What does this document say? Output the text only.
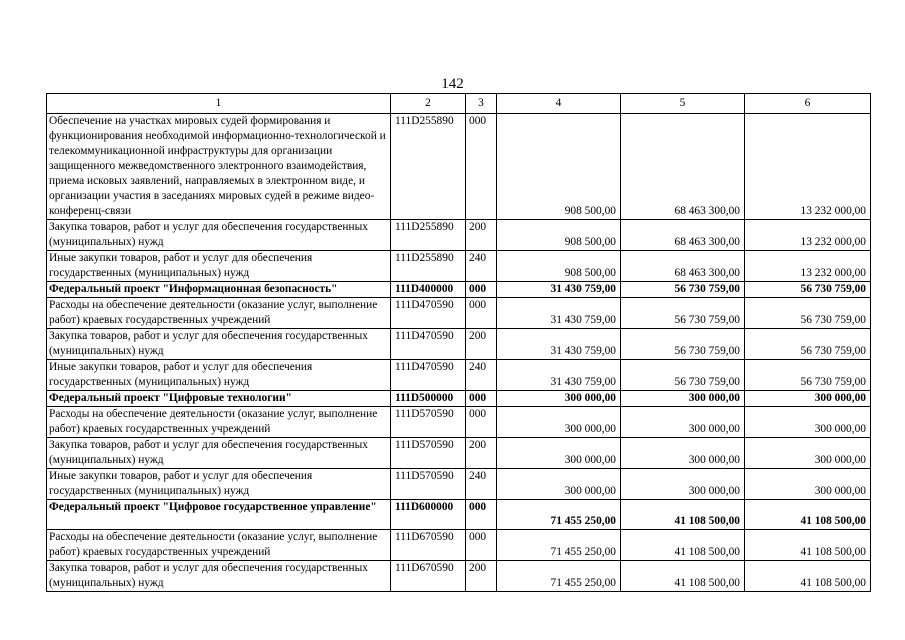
142
1	2	3	4	5	6
Обеспечение на участках мировых судей формирования и функционирования необходимой информационно-технологической и телекоммуникационной инфраструктуры для организации защищенного межведомственного электронного взаимодействия, приема исковых заявлений, направляемых в электронном виде, и организации участия в заседаниях мировых судей в режиме видео-конференц-связи	111D255890	000	908 500,00	68 463 300,00	13 232 000,00
Закупка товаров, работ и услуг для обеспечения государственных (муниципальных) нужд	111D255890	200	908 500,00	68 463 300,00	13 232 000,00
Иные закупки товаров, работ и услуг для обеспечения государственных (муниципальных) нужд	111D255890	240	908 500,00	68 463 300,00	13 232 000,00
Федеральный проект "Информационная безопасность"	111D400000	000	31 430 759,00	56 730 759,00	56 730 759,00
Расходы на обеспечение деятельности (оказание услуг, выполнение работ) краевых государственных учреждений	111D470590	000	31 430 759,00	56 730 759,00	56 730 759,00
Закупка товаров, работ и услуг для обеспечения государственных (муниципальных) нужд	111D470590	200	31 430 759,00	56 730 759,00	56 730 759,00
Иные закупки товаров, работ и услуг для обеспечения государственных (муниципальных) нужд	111D470590	240	31 430 759,00	56 730 759,00	56 730 759,00
Федеральный проект "Цифровые технологии"	111D500000	000	300 000,00	300 000,00	300 000,00
Расходы на обеспечение деятельности (оказание услуг, выполнение работ) краевых государственных учреждений	111D570590	000	300 000,00	300 000,00	300 000,00
Закупка товаров, работ и услуг для обеспечения государственных (муниципальных) нужд	111D570590	200	300 000,00	300 000,00	300 000,00
Иные закупки товаров, работ и услуг для обеспечения государственных (муниципальных) нужд	111D570590	240	300 000,00	300 000,00	300 000,00
Федеральный проект "Цифровое государственное управление"	111D600000	000	71 455 250,00	41 108 500,00	41 108 500,00
Расходы на обеспечение деятельности (оказание услуг, выполнение работ) краевых государственных учреждений	111D670590	000	71 455 250,00	41 108 500,00	41 108 500,00
Закупка товаров, работ и услуг для обеспечения государственных (муниципальных) нужд	111D670590	200	71 455 250,00	41 108 500,00	41 108 500,00
